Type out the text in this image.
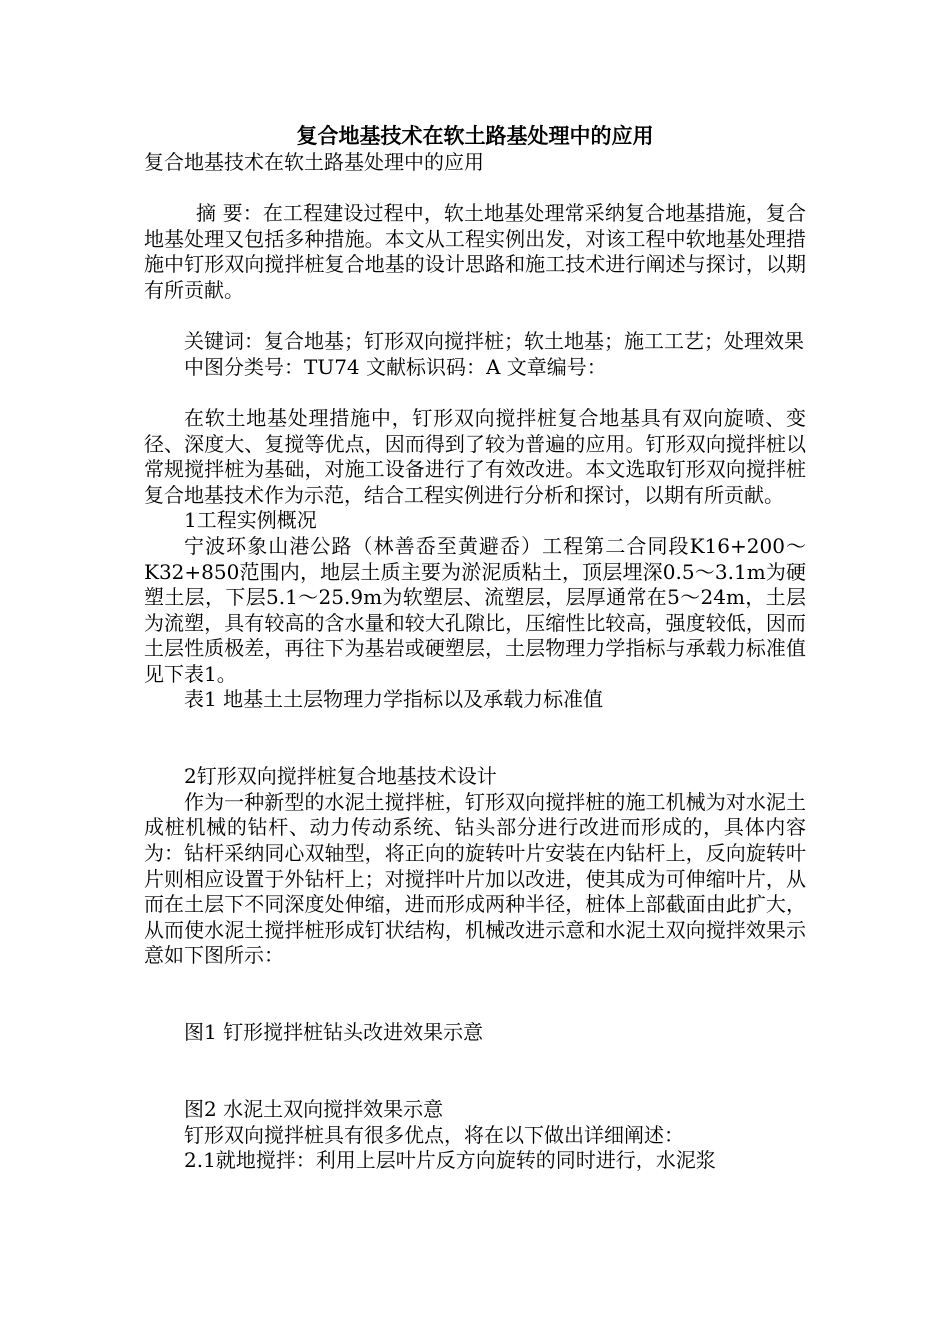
复合地基技术在软土路基处理中的应用

复合地基技术在软土路基处理中的应用

摘 要：在工程建设过程中，软土地基处理常采纳复合地基措施，复合地基处理又包括多种措施。本文从工程实例出发，对该工程中软地基处理措施中钉形双向搅拌桩复合地基的设计思路和施工技术进行阐述与探讨，以期有所贡献。

关键词：复合地基；钉形双向搅拌桩；软土地基；施工工艺；处理效果

中图分类号：TU74 文献标识码：A 文章编号：

在软土地基处理措施中，钉形双向搅拌桩复合地基具有双向旋喷、变径、深度大、复搅等优点，因而得到了较为普遍的应用。钉形双向搅拌桩以常规搅拌桩为基础，对施工设备进行了有效改进。本文选取钉形双向搅拌桩复合地基技术作为示范，结合工程实例进行分析和探讨，以期有所贡献。

1工程实例概况

宁波环象山港公路（林善岙至黄避岙）工程第二合同段K16+200～K32+850范围内，地层土质主要为淤泥质粘土，顶层埋深0.5～3.1m为硬塑土层，下层5.1～25.9m为软塑层、流塑层，层厚通常在5～24m，土层为流塑，具有较高的含水量和较大孔隙比，压缩性比较高，强度较低，因而土层性质极差，再往下为基岩或硬塑层，土层物理力学指标与承载力标准值见下表1。

表1 地基土土层物理力学指标以及承载力标准值

2钉形双向搅拌桩复合地基技术设计

作为一种新型的水泥土搅拌桩，钉形双向搅拌桩的施工机械为对水泥土成桩机械的钻杆、动力传动系统、钻头部分进行改进而形成的，具体内容为：钻杆采纳同心双轴型，将正向的旋转叶片安装在内钻杆上，反向旋转叶片则相应设置于外钻杆上；对搅拌叶片加以改进，使其成为可伸缩叶片，从而在土层下不同深度处伸缩，进而形成两种半径，桩体上部截面由此扩大，从而使水泥土搅拌桩形成钉状结构，机械改进示意和水泥土双向搅拌效果示意如下图所示：

图1 钉形搅拌桩钻头改进效果示意

图2 水泥土双向搅拌效果示意

钉形双向搅拌桩具有很多优点，将在以下做出详细阐述：

2.1就地搅拌：利用上层叶片反方向旋转的同时进行，水泥浆
